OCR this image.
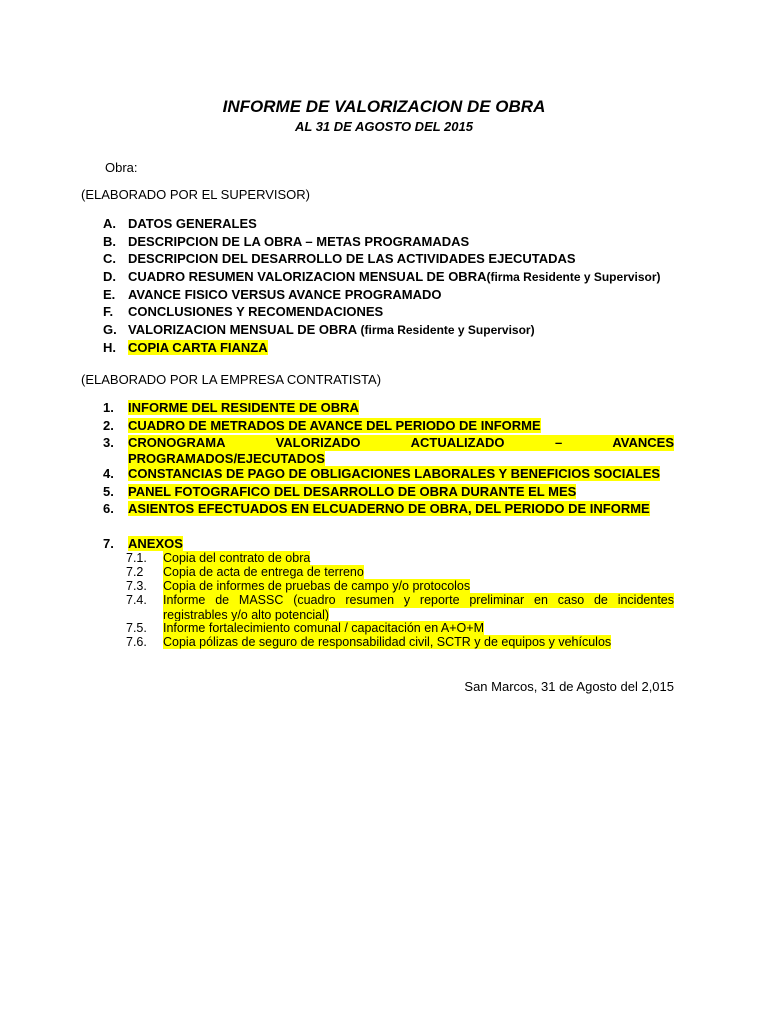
INFORME DE VALORIZACION DE OBRA
AL 31 DE AGOSTO DEL 2015
Obra:
(ELABORADO POR EL SUPERVISOR)
A. DATOS GENERALES
B. DESCRIPCION DE LA OBRA – METAS PROGRAMADAS
C. DESCRIPCION DEL DESARROLLO DE LAS ACTIVIDADES EJECUTADAS
D. CUADRO RESUMEN VALORIZACION MENSUAL DE OBRA(firma Residente y Supervisor)
E. AVANCE FISICO VERSUS AVANCE PROGRAMADO
F.	CONCLUSIONES Y RECOMENDACIONES
G. VALORIZACION MENSUAL DE OBRA (firma Residente y Supervisor)
H. COPIA CARTA FIANZA
(ELABORADO POR LA EMPRESA CONTRATISTA)
1.	INFORME DEL RESIDENTE DE OBRA
2.	CUADRO DE METRADOS DE AVANCE DEL PERIODO DE INFORME
3.	CRONOGRAMA VALORIZADO ACTUALIZADO – AVANCES
PROGRAMADOS/EJECUTADOS
4.	CONSTANCIAS DE PAGO DE OBLIGACIONES LABORALES Y BENEFICIOS SOCIALES
5.	PANEL FOTOGRAFICO DEL DESARROLLO DE OBRA DURANTE EL MES
6.	ASIENTOS EFECTUADOS EN ELCUADERNO DE OBRA, DEL PERIODO DE INFORME
7.	ANEXOS
7.1. Copia del contrato de obra
7.2 Copia de acta de entrega de terreno
7.3. Copia de informes de pruebas de campo y/o protocolos
7.4. Informe de MASSC (cuadro resumen y reporte preliminar en caso de incidentes
registrables y/o alto potencial)
7.5. Informe fortalecimiento comunal / capacitación en A+O+M
7.6. Copia pólizas de seguro de responsabilidad civil, SCTR y de equipos y vehículos
San Marcos, 31 de Agosto del 2,015
